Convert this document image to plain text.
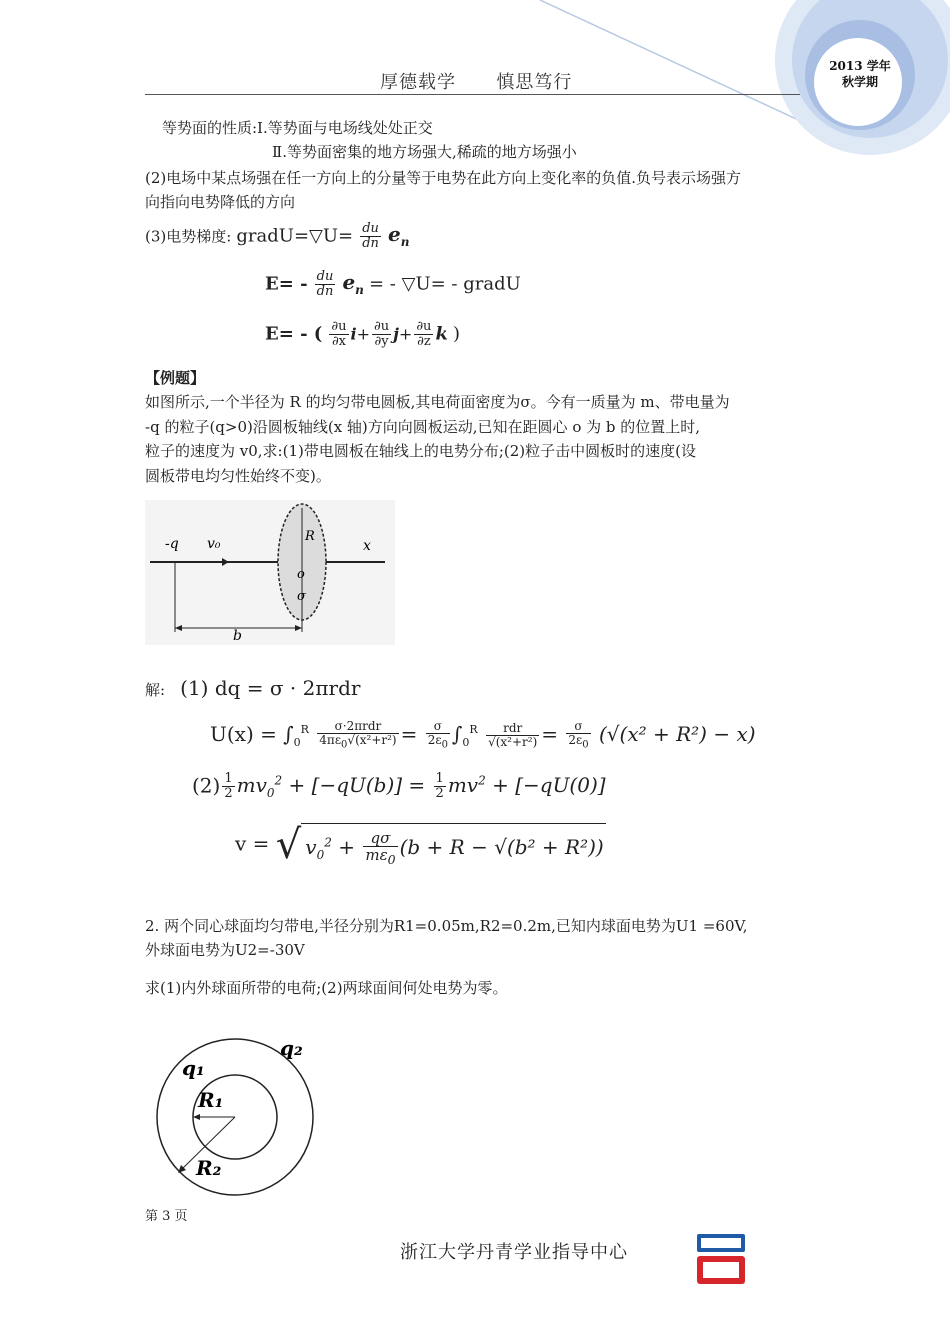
2013 学年
秋学期
厚德载学      慎思笃行
等势面的性质:Ⅰ.等势面与电场线处处正交
Ⅱ.等势面密集的地方场强大,稀疏的地方场强小
(2)电场中某点场强在任一方向上的分量等于电势在此方向上变化率的负值.负号表示场强方
向指向电势降低的方向
(3)电势梯度: gradU=▽U= $\frac{du}{dn} e_n$
$E= - \frac{du}{dn} e_n$ = - ▽U= - gradU
E= - ( $\frac{\partial u}{\partial x} i+ \frac{\partial u}{\partial y} j+ \frac{\partial u}{\partial z}$ k )
【例题】
如图所示,一个半径为 R 的均匀带电圆板,其电荷面密度为σ。今有一质量为 m、带电量为
-q 的粒子(q>0)沿圆板轴线(x 轴)方向向圆板运动,已知在距圆心 o 为 b 的位置上时,
粒子的速度为 v0,求:(1)带电圆板在轴线上的电势分布;(2)粒子击中圆板时的速度(设
圆板带电均匀性始终不变)。
-q v₀	R
o
σ
x
b
解: (1) dq = σ · 2πrdr
$U(x) = \int_0^R \frac{\text{σ·2πrdr}}{4\pi\varepsilon_0√(x^2+r^2)} = \frac{\sigma}{2\varepsilon_0} \int_0^R \frac{\text{rdr}}{\text{√(x²+r²)}} = \frac{\sigma}{2\varepsilon_0} (√(x^2 + R^2) - x)$
$(2) \frac{1}{2} mv_0^2 + [-qU(b)] = \frac{1}{2} mv^2 + [-qU(0)]$
v = √ $v_0^2 + \frac{q\sigma}{m\varepsilon_0} (b + R - √(b^2 + R^2))$
2. 两个同心球面均匀带电,半径分别为R1=0.05m,R2=0.2m,已知内球面电势为U1 =60V,
外球面电势为U2=-30V
求(1)内外球面所带的电荷;(2)两球面间何处电势为零。
q₁
q₂
R₁
R₂
第 3 页
浙江大学丹青学业指导中心
